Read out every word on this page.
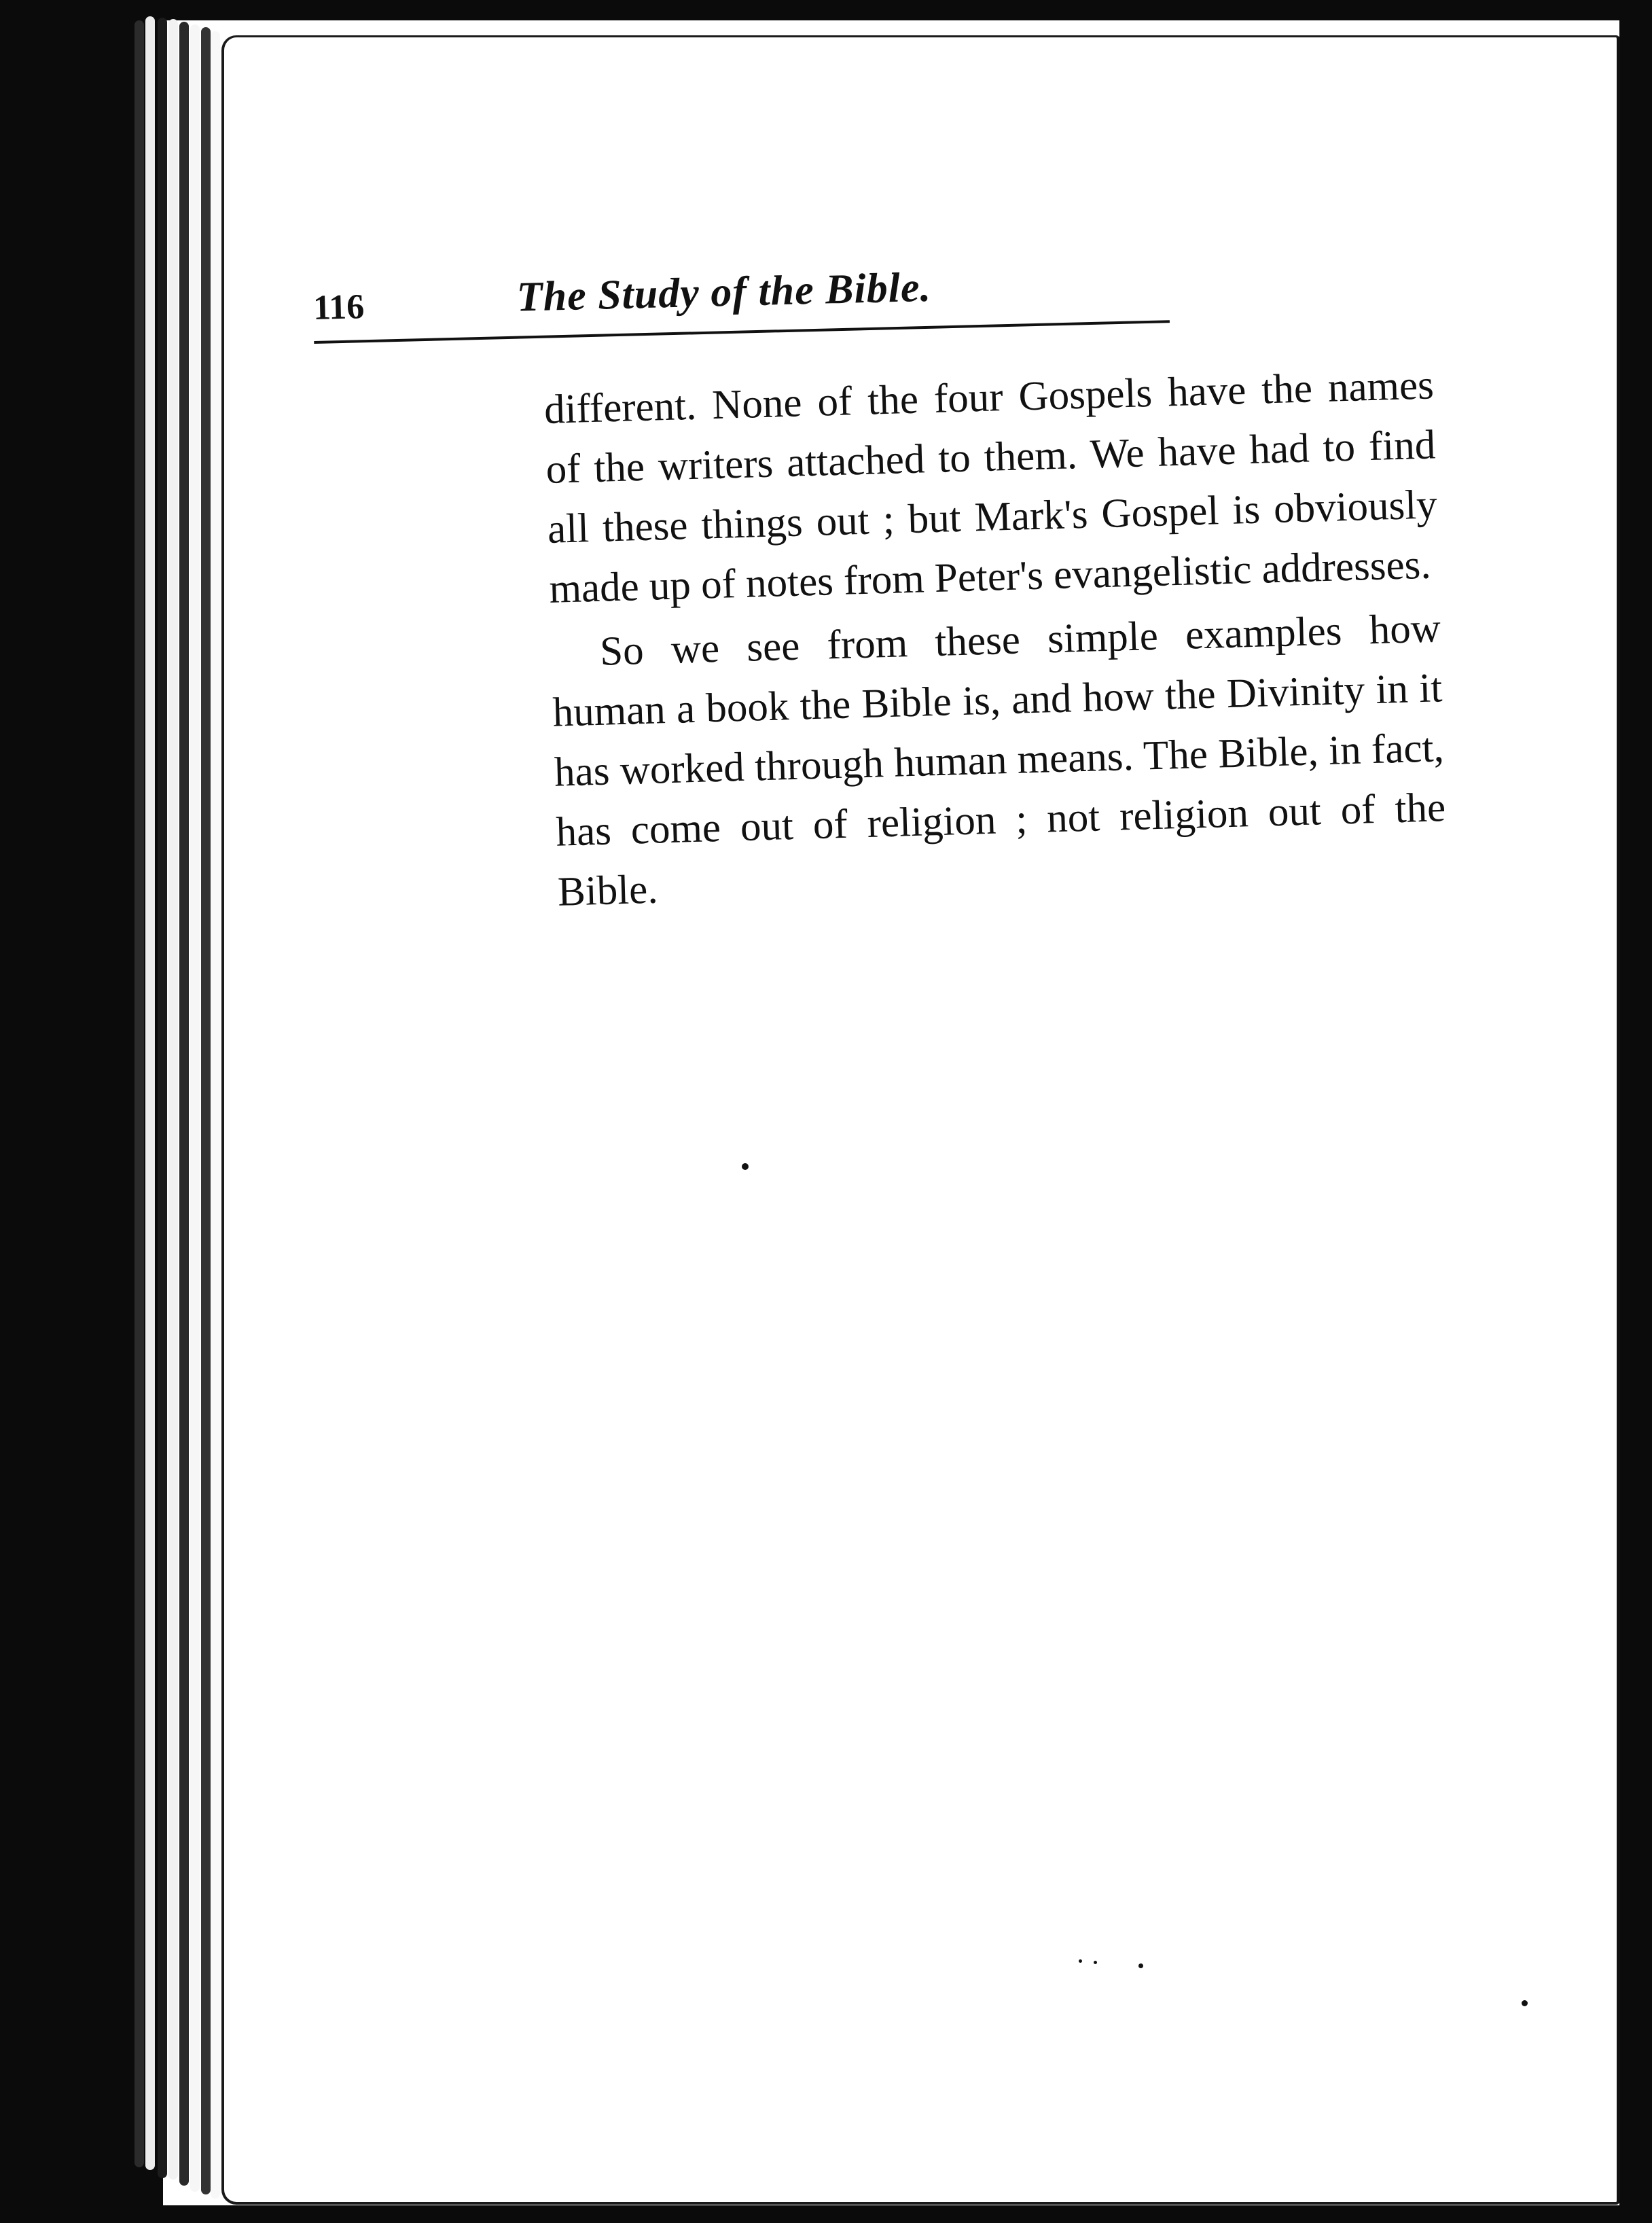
116	The Study of the Bible.

different. None of the four Gospels have the names of the writers attached to them. We have had to find all these things out ; but Mark's Gospel is obviously made up of notes from Peter's evangelistic addresses.

So we see from these simple examples how human a book the Bible is, and how the Divinity in it has worked through human means. The Bible, in fact, has come out of religion ; not religion out of the Bible.
